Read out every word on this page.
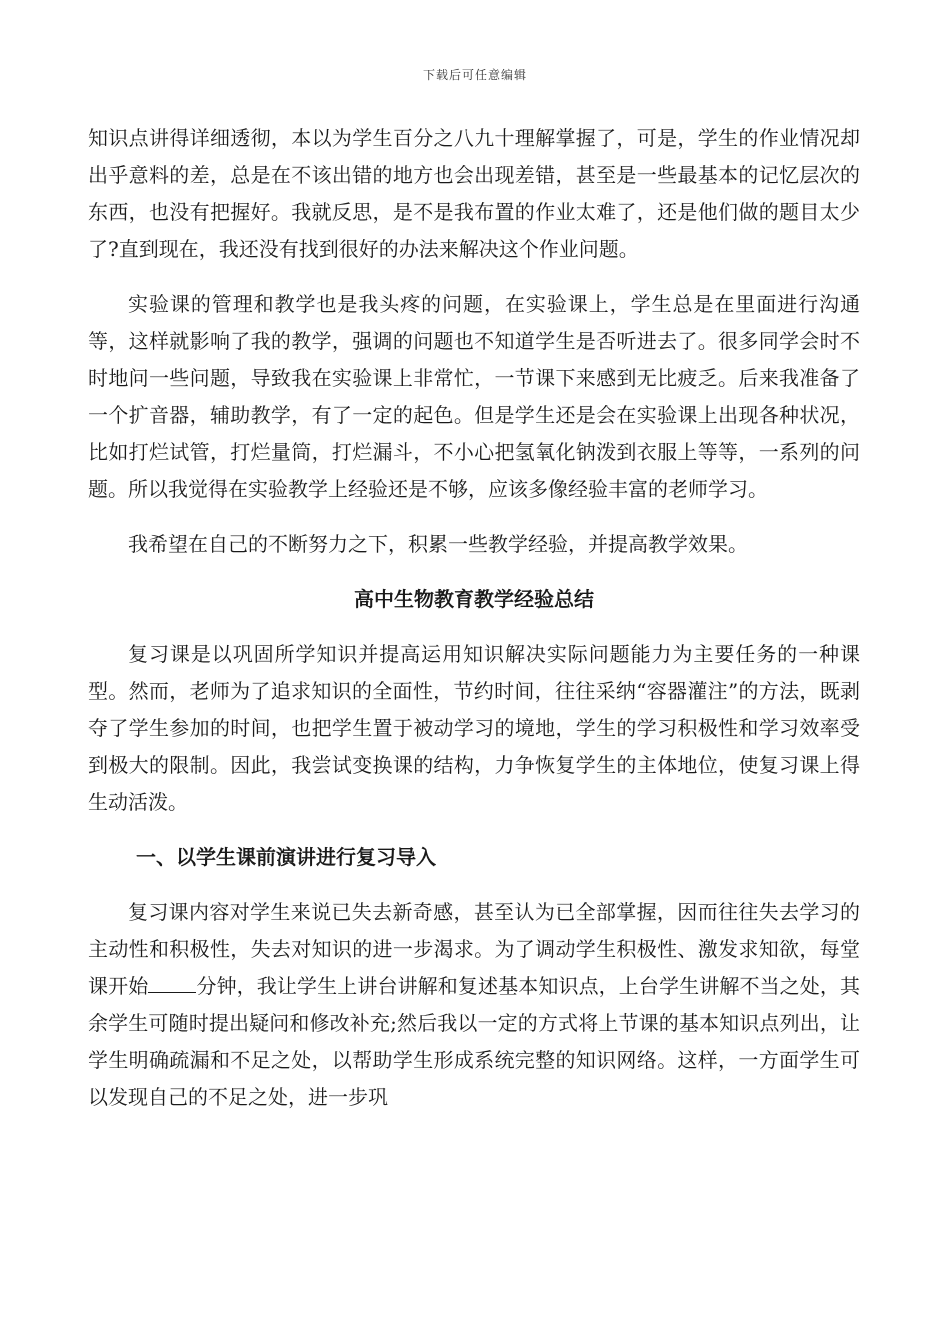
下载后可任意编辑

知识点讲得详细透彻，本以为学生百分之八九十理解掌握了，可是，学生的作业情况却出乎意料的差，总是在不该出错的地方也会出现差错，甚至是一些最基本的记忆层次的东西，也没有把握好。我就反思，是不是我布置的作业太难了，还是他们做的题目太少了?直到现在，我还没有找到很好的办法来解决这个作业问题。

实验课的管理和教学也是我头疼的问题，在实验课上，学生总是在里面进行沟通等，这样就影响了我的教学，强调的问题也不知道学生是否听进去了。很多同学会时不时地问一些问题，导致我在实验课上非常忙，一节课下来感到无比疲乏。后来我准备了一个扩音器，辅助教学，有了一定的起色。但是学生还是会在实验课上出现各种状况，比如打烂试管，打烂量筒，打烂漏斗，不小心把氢氧化钠泼到衣服上等等，一系列的问题。所以我觉得在实验教学上经验还是不够，应该多像经验丰富的老师学习。

我希望在自己的不断努力之下，积累一些教学经验，并提高教学效果。

高中生物教育教学经验总结

复习课是以巩固所学知识并提高运用知识解决实际问题能力为主要任务的一种课型。然而，老师为了追求知识的全面性，节约时间，往往采纳“容器灌注”的方法，既剥夺了学生参加的时间，也把学生置于被动学习的境地，学生的学习积极性和学习效率受到极大的限制。因此，我尝试变换课的结构，力争恢复学生的主体地位，使复习课上得生动活泼。

一、以学生课前演讲进行复习导入

复习课内容对学生来说已失去新奇感，甚至认为已全部掌握，因而往往失去学习的主动性和积极性，失去对知识的进一步渴求。为了调动学生积极性、激发求知欲，每堂课开始 分钟，我让学生上讲台讲解和复述基本知识点，上台学生讲解不当之处，其余学生可随时提出疑问和修改补充;然后我以一定的方式将上节课的基本知识点列出，让学生明确疏漏和不足之处，以帮助学生形成系统完整的知识网络。这样，一方面学生可以发现自己的不足之处，进一步巩
